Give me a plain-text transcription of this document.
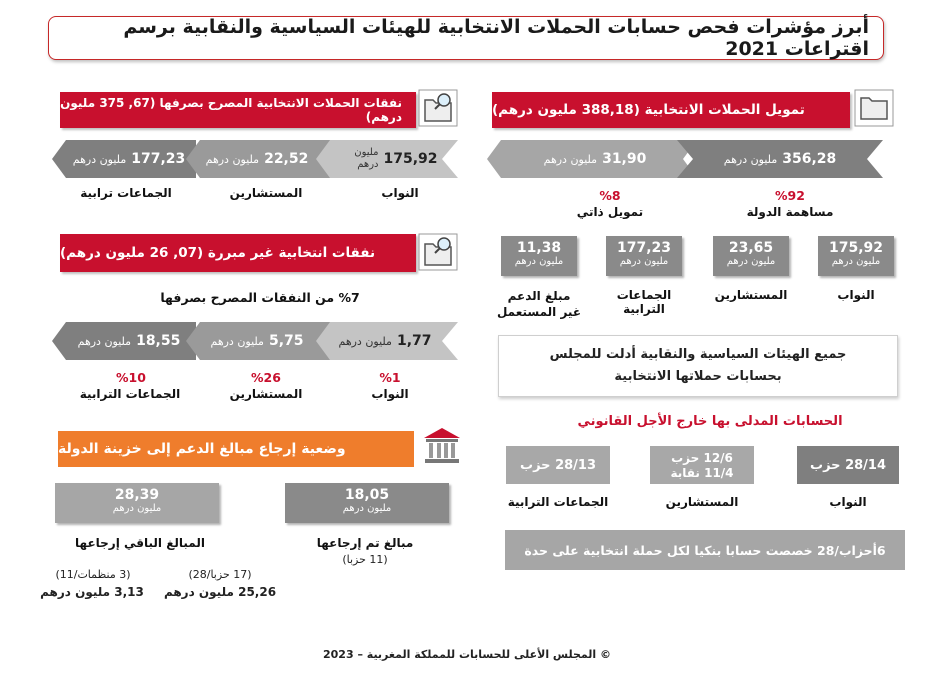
أبرز مؤشرات فحص حسابات الحملات الانتخابية للهيئات السياسية والنقابية برسم اقتراعات 2021
تمويل الحملات الانتخابية (388,18 مليون درهم)
356,28
مليون درهم
31,90
مليون درهم
%92
مساهمة الدولة
%8
تمويل ذاتي
175,92
مليون درهم
23,65
مليون درهم
177,23
مليون درهم
11,38
مليون درهم
النواب
المستشارين
الجماعات الترابية
مبلغ الدعم غير المستعمل
جميع الهيئات السياسية والنقابية أدلت للمجلس بحسابات حملاتها الانتخابية
الحسابات المدلى بها خارج الأجل القانوني
28/14 حزب
12/6 حزب
11/4 نقابة
28/13 حزب
النواب
المستشارين
الجماعات الترابية
6أحزاب/28 خصصت حسابا بنكيا لكل حملة انتخابية على حدة
نفقات الحملات الانتخابية المصرح بصرفها (67, 375 مليون درهم)
175,92
مليون درهم
22,52
مليون درهم
177,23
مليون درهم
النواب
المستشارين
الجماعات ترابية
نفقات انتخابية غير مبررة (07, 26 مليون درهم)
%7 من النفقات المصرح بصرفها
1,77
مليون درهم
5,75
مليون درهم
18,55
مليون درهم
%1
%26
%10
النواب
المستشارين
الجماعات الترابية
وضعية إرجاع مبالغ الدعم إلى خزينة الدولة
18,05
مليون درهم
28,39
مليون درهم
مبالغ تم إرجاعها
(11 حزبا)
المبالغ الباقي إرجاعها
(17 حزبا/28)
25,26 مليون درهم
(3 منظمات/11)
3,13 مليون درهم
© المجلس الأعلى للحسابات للمملكة المغربية – 2023
